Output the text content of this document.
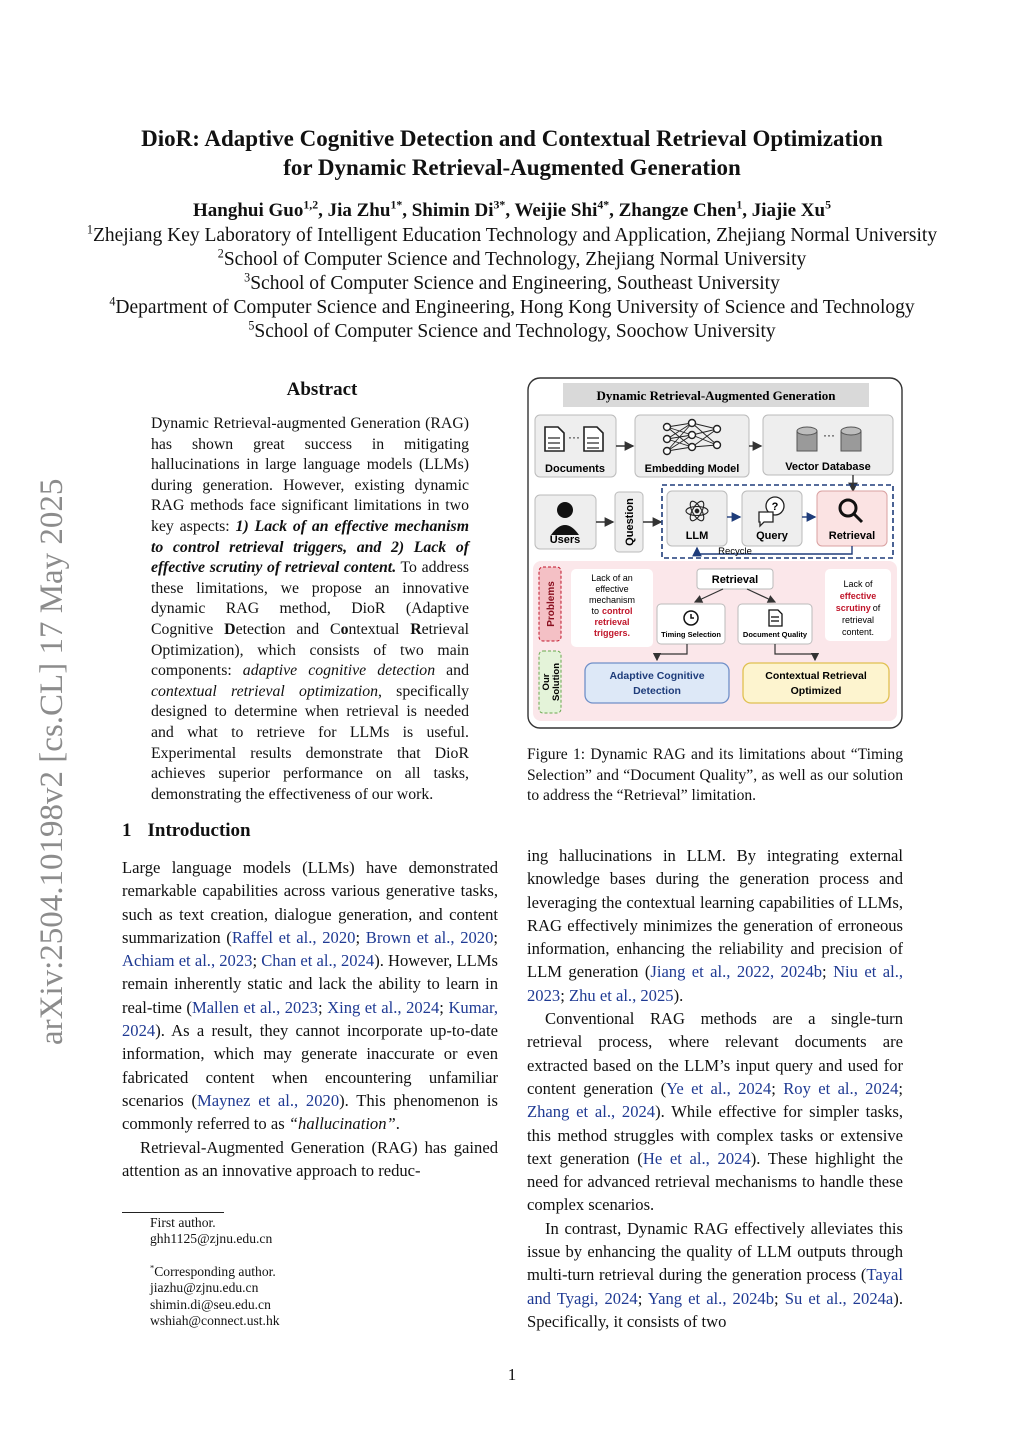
arXiv:2504.10198v2 [cs.CL] 17 May 2025
DioR: Adaptive Cognitive Detection and Contextual Retrieval Optimization
for Dynamic Retrieval-Augmented Generation
Hanghui Guo$^{1,2}$, Jia Zhu$^{1*}$, Shimin $Di^{3*}$, Weijie Shi$^{4*}$, Zhangze Chen$^1$, Jiajie Xu$^5$
$^1$Zhejiang Key Laboratory of Intelligent Education Technology and Application, Zhejiang Normal University
$^2$School of Computer Science and Technology, Zhejiang Normal University
$^3$School of Computer Science and Engineering, Southeast University
$^4$Department of Computer Science and Engineering, Hong Kong University of Science and Technology
$^5$School of Computer Science and Technology, Soochow University
Abstract
Dynamic Retrieval-augmented Generation (RAG) has shown great success in mitigating hallucinations in large language models (LLMs) during generation. However, existing dynamic RAG methods face significant limitations in two key aspects: 1) Lack of an effective mechanism to control retrieval triggers, and 2) Lack of effective scrutiny of retrieval content. To address these limitations, we propose an innovative dynamic RAG method, DioR (Adaptive Cognitive Detection and Contextual Retrieval Optimization), which consists of two main components: adaptive cognitive detection and contextual retrieval optimization, specifically designed to determine when retrieval is needed and what to retrieve for LLMs is useful. Experimental results demonstrate that DioR achieves superior performance on all tasks, demonstrating the effectiveness of our work.
1 Introduction

Large language models (LLMs) have demonstrated remarkable capabilities across various generative tasks, such as text creation, dialogue generation, and content summarization (Raffel et al., 2020; Brown et al., 2020; Achiam et al., 2023; Chan et al., 2024). However, LLMs remain inherently static and lack the ability to learn in real-time (Mallen et al., 2023; Xing et al., 2024; Kumar, 2024). As a result, they cannot incorporate up-to-date information, which may generate inaccurate or even fabricated content when encountering unfamiliar scenarios (Maynez et al., 2020). This phenomenon is commonly referred to as “hallucination”.

Retrieval-Augmented Generation (RAG) has gained attention as an innovative approach to reduc-

ing hallucinations in LLM. By integrating external knowledge bases during the generation process and leveraging the contextual learning capabilities of LLMs, RAG effectively minimizes the generation of erroneous information, enhancing the reliability and precision of LLM generation (Jiang et al., 2022, 2024b; Niu et al., 2023; Zhu et al., 2025).

Conventional RAG methods are a single-turn retrieval process, where relevant documents are extracted based on the LLM’s input query and used for content generation (Ye et al., 2024; Roy et al., 2024; Zhang et al., 2024). While effective for simpler tasks, this method struggles with complex tasks or extensive text generation (He et al., 2024). These highlight the need for advanced retrieval mechanisms to handle these complex scenarios.

In contrast, Dynamic RAG effectively alleviates this issue by enhancing the quality of LLM outputs through multi-turn retrieval during the generation process (Tayal and Tyagi, 2024; Yang et al., 2024b; Su et al., 2024a). Specifically, it consists of two

First author.
ghh1125@zjnu.edu.cn
*Corresponding author.
jiazhu@zjnu.edu.cn
shimin.di@seu.edu.cn
wshiah@connect.ust.hk
Dynamic Retrieval-Augmented Generation
···
Documents	Embedding Model
···
Vector Database
Users	Question	LLM
?
Query	Retrieval
Recycle
Problems
Our Solution
Lack of an
effective
mechanism
to control
retrieval
triggers.
Retrieval
Timing Selection	Document Quality
Lack of
effective
scrutiny of
retrieval
content.
Adaptive Cognitive
Detection
Contextual Retrieval
Optimized
Figure 1: Dynamic RAG and its limitations about “Timing Selection” and “Document Quality”, as well as our solution to address the “Retrieval” limitation.
1
